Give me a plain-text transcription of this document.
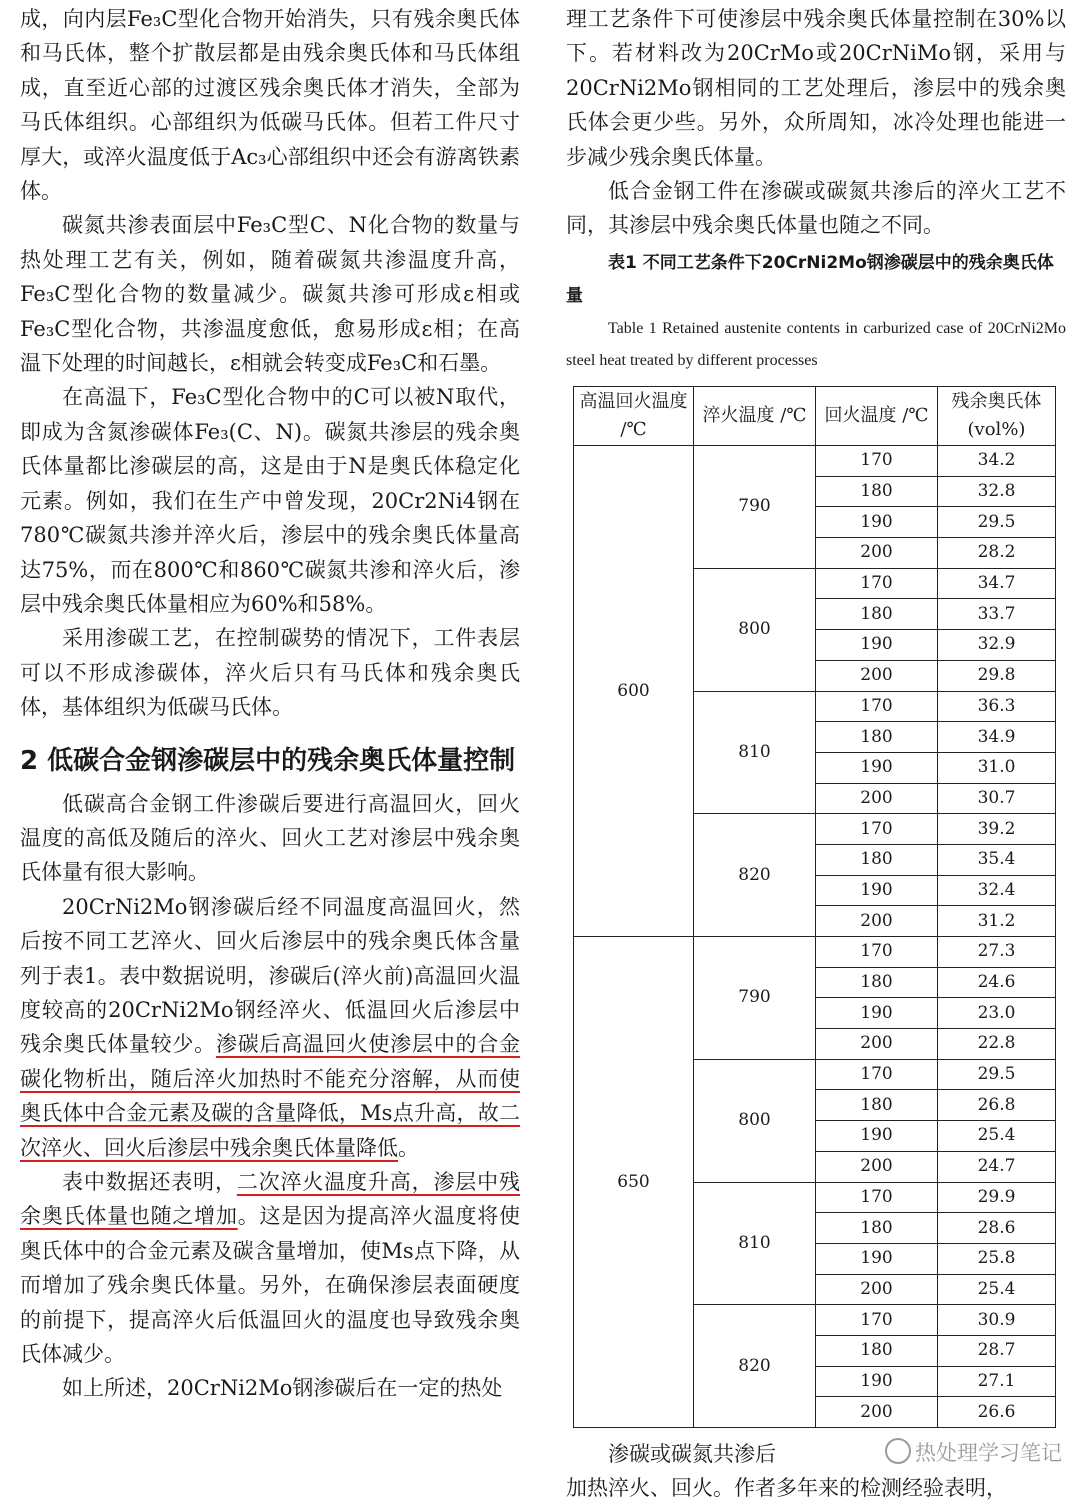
成，向内层Fe₃C型化合物开始消失，只有残余奥氏体和马氏体，整个扩散层都是由残余奥氏体和马氏体组成，直至近心部的过渡区残余奥氏体才消失，全部为马氏体组织。心部组织为低碳马氏体。但若工件尺寸厚大，或淬火温度低于Ac₃心部组织中还会有游离铁素体。

碳氮共渗表面层中Fe₃C型C、N化合物的数量与热处理工艺有关，例如，随着碳氮共渗温度升高，Fe₃C型化合物的数量减少。碳氮共渗可形成ε相或Fe₃C型化合物，共渗温度愈低，愈易形成ε相；在高温下处理的时间越长，ε相就会转变成Fe₃C和石墨。

在高温下，Fe₃C型化合物中的C可以被N取代，即成为含氮渗碳体Fe₃(C、N)。碳氮共渗层的残余奥氏体量都比渗碳层的高，这是由于N是奥氏体稳定化元素。例如，我们在生产中曾发现，20Cr2Ni4钢在780℃碳氮共渗并淬火后，渗层中的残余奥氏体量高达75%，而在800℃和860℃碳氮共渗和淬火后，渗层中残余奥氏体量相应为60%和58%。

采用渗碳工艺，在控制碳势的情况下，工件表层可以不形成渗碳体，淬火后只有马氏体和残余奥氏体，基体组织为低碳马氏体。

2 低碳合金钢渗碳层中的残余奥氏体量控制

低碳高合金钢工件渗碳后要进行高温回火，回火温度的高低及随后的淬火、回火工艺对渗层中残余奥氏体量有很大影响。

20CrNi2Mo钢渗碳后经不同温度高温回火，然后按不同工艺淬火、回火后渗层中的残余奥氏体含量列于表1。表中数据说明，渗碳后(淬火前)高温回火温度较高的20CrNi2Mo钢经淬火、低温回火后渗层中残余奥氏体量较少。渗碳后高温回火使渗层中的合金碳化物析出，随后淬火加热时不能充分溶解，从而使奥氏体中合金元素及碳的含量降低，Ms点升高，故二次淬火、回火后渗层中残余奥氏体量降低。

表中数据还表明，二次淬火温度升高，渗层中残余奥氏体量也随之增加。这是因为提高淬火温度将使奥氏体中的合金元素及碳含量增加，使Ms点下降，从而增加了残余奥氏体量。另外，在确保渗层表面硬度的前提下，提高淬火后低温回火的温度也导致残余奥氏体减少。

如上所述，20CrNi2Mo钢渗碳后在一定的热处

理工艺条件下可使渗层中残余奥氏体量控制在30%以下。若材料改为20CrMo或20CrNiMo钢，采用与20CrNi2Mo钢相同的工艺处理后，渗层中的残余奥氏体会更少些。另外，众所周知，冰冷处理也能进一步减少残余奥氏体量。

低合金钢工件在渗碳或碳氮共渗后的淬火工艺不同，其渗层中残余奥氏体量也随之不同。

表1 不同工艺条件下20CrNi2Mo钢渗碳层中的残余奥氏体量

Table 1 Retained austenite contents in carburized case of 20CrNi2Mo steel heat treated by different processes

高温回火温度 /℃	淬火温度 /℃	回火温度 /℃	残余奥氏体 (vol%)
600	790	170	34.2
		180	32.8
		190	29.5
		200	28.2
	800	170	34.7
		180	33.7
		190	32.9
		200	29.8
	810	170	36.3
		180	34.9
		190	31.0
		200	30.7
	820	170	39.2
		180	35.4
		190	32.4
		200	31.2
650	790	170	27.3
		180	24.6
		190	23.0
		200	22.8
	800	170	29.5
		180	26.8
		190	25.4
		200	24.7
	810	170	29.9
		180	28.6
		190	25.8
		200	25.4
	820	170	30.9
		180	28.7
		190	27.1
		200	26.6

渗碳或碳氮共渗后

加热淬火、回火。作者多年来的检测经验表明，

热处理学习笔记
